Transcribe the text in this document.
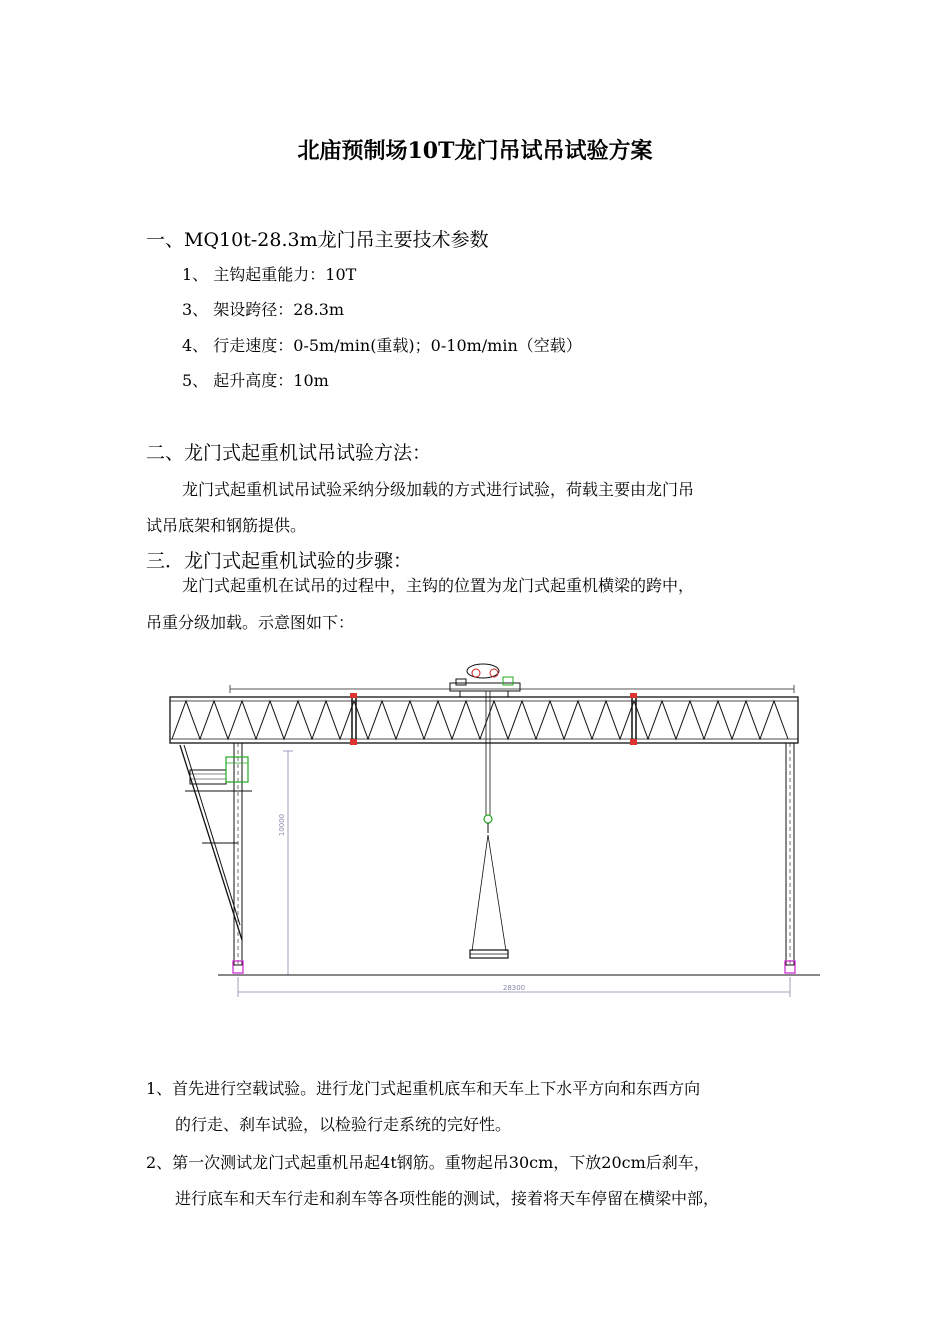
北庙预制场10T龙门吊试吊试验方案
一、MQ10t-28.3m龙门吊主要技术参数
1、 主钩起重能力：10T
3、 架设跨径：28.3m
4、 行走速度：0-5m/min(重载)；0-10m/min（空载）
5、 起升高度：10m
二、龙门式起重机试吊试验方法：
龙门式起重机试吊试验采纳分级加载的方式进行试验，荷载主要由龙门吊
试吊底架和钢筋提供。
三．龙门式起重机试验的步骤：
龙门式起重机在试吊的过程中，主钩的位置为龙门式起重机横梁的跨中，
吊重分级加载。示意图如下：
10000
28300
1、首先进行空载试验。进行龙门式起重机底车和天车上下水平方向和东西方向
的行走、刹车试验，以检验行走系统的完好性。
2、第一次测试龙门式起重机吊起4t钢筋。重物起吊30cm，下放20cm后刹车，
进行底车和天车行走和刹车等各项性能的测试，接着将天车停留在横梁中部，
